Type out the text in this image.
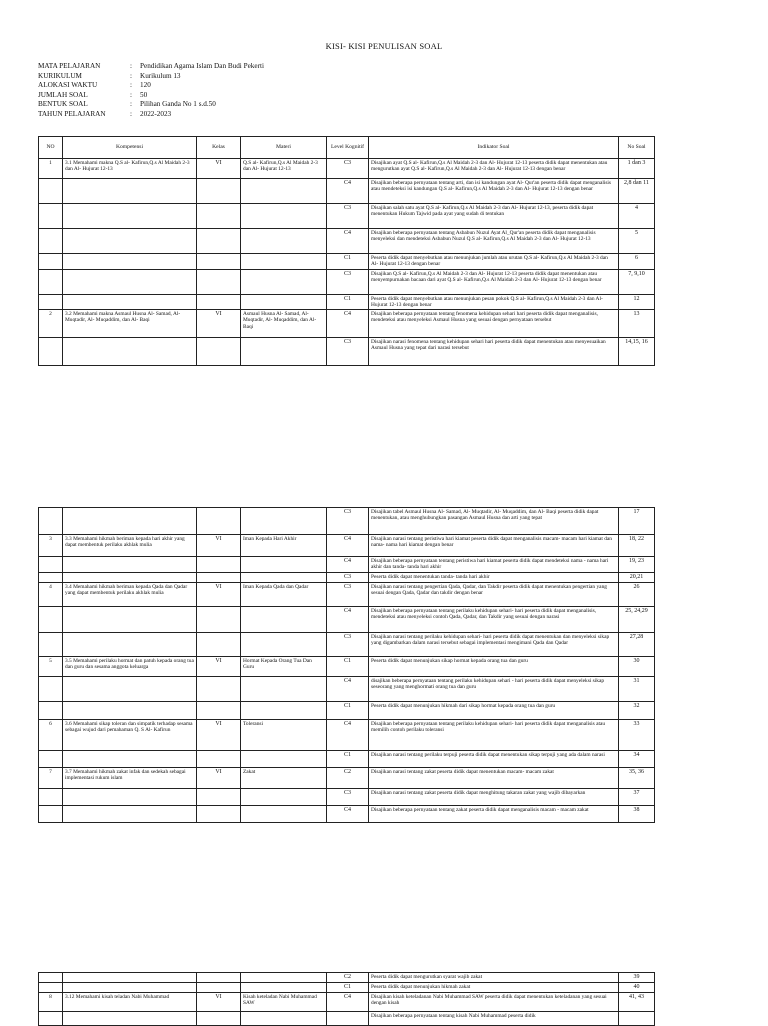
KISI- KISI PENULISAN SOAL
MATA PELAJARAN	:	Pendidikan Agama Islam Dan Budi Pekerti
KURIKULUM	:	Kurikulum 13
ALOKASI WAKTU	:	120
JUMLAH SOAL	:	50
BENTUK SOAL	:	Pilihan Ganda No 1 s.d.50
TAHUN PELAJARAN	:	2022-2023
NO	Kompetensi	Kelas	Materi	Level Kognitif	Indikator Soal	No Soal
1	3.1 Memahami makna Q.S al- Kafirun,Q.s Al Maidah 2-3 dan Al- Hujurat 12-13	VI	Q.S al- Kafirun,Q.s Al Maidah 2-3 dan Al- Hujurat 12-13	C3	Disajikan ayat Q.S al- Kafirun,Q.s Al Maidah 2-3 dan Al- Hujurat 12-13 peserta didik dapat menentukan atau mengurutkan ayat Q.S al- Kafirun,Q.s Al Maidah 2-3 dan Al- Hujurat 12-13 dengan benar	1 dan 3
				C4	Disajikan beberapa pernyataan tentang arti, dan isi kandungan ayat Al- Qur'an peserta didik dapat menganalisis atau mendeteksi isi kandungan Q.S al- Kafirun,Q.s Al Maidah 2-3 dan Al- Hujurat 12-13 dengan benar	2,8 dan 11
				C3	Disajikan salah satu ayat Q.S al- Kafirun,Q.s Al Maidah 2-3 dan Al- Hujurat 12-13, peserta didik dapat menentukan Hukum Tajwid pada ayat yang sudah di tentukan	4
				C4	Disajikan beberapa pernyataan tentang Asbabun Nuzul Ayat Al_Qur'an peserta didik dapat menganalisis menyeleksi dan mendeteksi Asbabun Nuzul Q.S al- Kafirun,Q.s Al Maidah 2-3 dan Al- Hujurat 12-13	5
				C1	Peserta didik dapat menyebutkan atau menunjukan jumlah atau urutan Q.S al- Kafirun,Q.s Al Maidah 2-3 dan Al- Hujurat 12-13 dengan benar	6
				C3	Disajikan Q.S al- Kafirun,Q.s Al Maidah 2-3 dan Al- Hujurat 12-13 peserta didik dapat menentukan atau menyempurnakan bacaan dari ayat Q.S al- Kafirun,Q.s Al Maidah 2-3 dan Al- Hujurat 12-13 dengan benar	7, 9,10
				C1	Peserta didik dapat menyebutkan atau menunjukan pesan pokok Q.S al- Kafirun,Q.s Al Maidah 2-3 dan Al- Hujurat 12-13 dengan benar	12
2	3.2 Memahami makna Asmaul Husna Al- Samad, Al- Muqtadir, Al- Muqaddim, dan Al- Baqi	VI	Asmaul Husna Al- Samad, Al- Muqtadir, Al- Muqaddim, dan Al- Baqi	C4	Disajikan beberapa pernyataan tentang fenomena kehidupan sehari hari peserta didik dapat menganalisis, mendeteksi atau menyeleksi Asmaul Husna yang sesuai dengan pernyataan tersebut	13
				C3	Disajikan narasi fenomena tentang kehidupan sehari hari peserta didik dapat menentukan atau menyesuaikan Asmaul Husna yang tepat dari narasi tersebut	14,15, 16
				C3	Disajikan tabel Asmaul Husna Al- Samad, Al- Muqtadir, Al- Muqaddim, dan Al- Baqi peserta didik dapat menentukan, atau menghubungkan pasangan Asmaul Husna dan arti yang tepat	17
3	3.3 Memahami hikmah beriman kepada hari akhir yang dapat membentuk perilaku akhlak mulia	VI	Iman Kepada Hari Akhir	C4	Disajikan narasi tentang peristiwa hari kiamat peserta didik dapat menganalisis macam- macam hari kiamat dan nama- nama hari kiamat dengan benar	18, 22
				C4	Disajikan beberapa pernyataan tentang peristiwa hari kiamat peserta didik dapat mendeteksi nama - nama hari akhir dan tanda- tanda hari akhir	19, 23
				C3	Peserta didik dapat menentukan tanda- tanda hari akhir	20,21
4	3.4 Memahami hikmah beriman kepada Qada dan Qadar yang dapat membentuk perilaku akhlak mulia	VI	Iman Kepada Qada dan Qadar	C3	Disajikan narasi tentang pengertian Qada, Qadar, dan Takdir peserta didik dapat menentukan pengertian yang sesuai dengan Qada, Qadar dan takdir dengan benar	26
				C4	Disajikan beberapa pernyataan tentang perilaku kehidupan sehari- hari peserta didik dapat menganalisis, mendeteksi atau menyeleksi contoh Qada, Qadar, dan Takdir yang sesuai dengan narasi	25, 24,29
				C3	Disajikan narasi tentang perilaku kehidupan sehari- hari peserta didik dapat menentukan dan menyeleksi sikap yang digambarkan dalam narasi tersebut sebagai implementasi mengimani Qada dan Qadar	27,28
5	3.5 Memahami perilaku hormat dan patuh kepada orang tua dan guru dan sesama anggota keluarga	VI	Hormat Kepada Orang Tua Dan Guru	C1	Peserta didik dapat menunjukan sikap hormat kepada orang tua dan guru	30
				C4	disajikan beberapa pernyataan tentang perilaku kehidupan sehari - hari peserta didik dapat menyeleksi sikap seseorang yang menghormati orang tua dan guru	31
				C1	Peserta didik dapat menunjukan hikmah dari sikap hormat kepada orang tua dan guru	32
6	3.6 Memahami sikap toleran dan simpatik terhadap sesama sebagai wujud dari pemahaman Q. S Al- Kafirun	VI	Toleransi	C4	Disajikan beberapa pernyataan tentang perilaku kehidupan sehari- hari peserta didik dapat menganalisis atau memilih contoh perilaku toleransi	33
				C1	Disajikan narasi tentang perilaku terpuji peserta didik dapat menentukan sikap terpuji yang ada dalam narasi	34
7	3.7 Memahami hikmah zakat infak dan sedekah sebagai implementasi rukum islam	VI	Zakat	C2	Disajikan narasi tentang zakat peserta didik dapat menentukan macam- macam zakat	35, 36
				C3	Disajikan narasi tentang zakat peserta didik dapat menghitung takaran zakat yang wajib dibayarkan	37
				C4	Disajikan beberapa pernyataan tentang zakat peserta didik dapat menganalisis macam - macam zakat	38
				C2	Peserta didik dapat mengurutkan syarat wajib zakat	39
				C1	Peserta didik dapat menunjukan hikmah zakat	40
8	3.12 Memahami kisah teladan Nabi Muhammad	VI	Kisah keteladan Nabi Muhammad SAW	C4	Disajikan kisah keteladanan Nabi Muhammad SAW peserta didik dapat menentukan keteladanan yang sesuai dengan kisah	41, 43
					Disajikan beberapa pernyataan tentang kisah Nabi Muhammad peserta didik	
